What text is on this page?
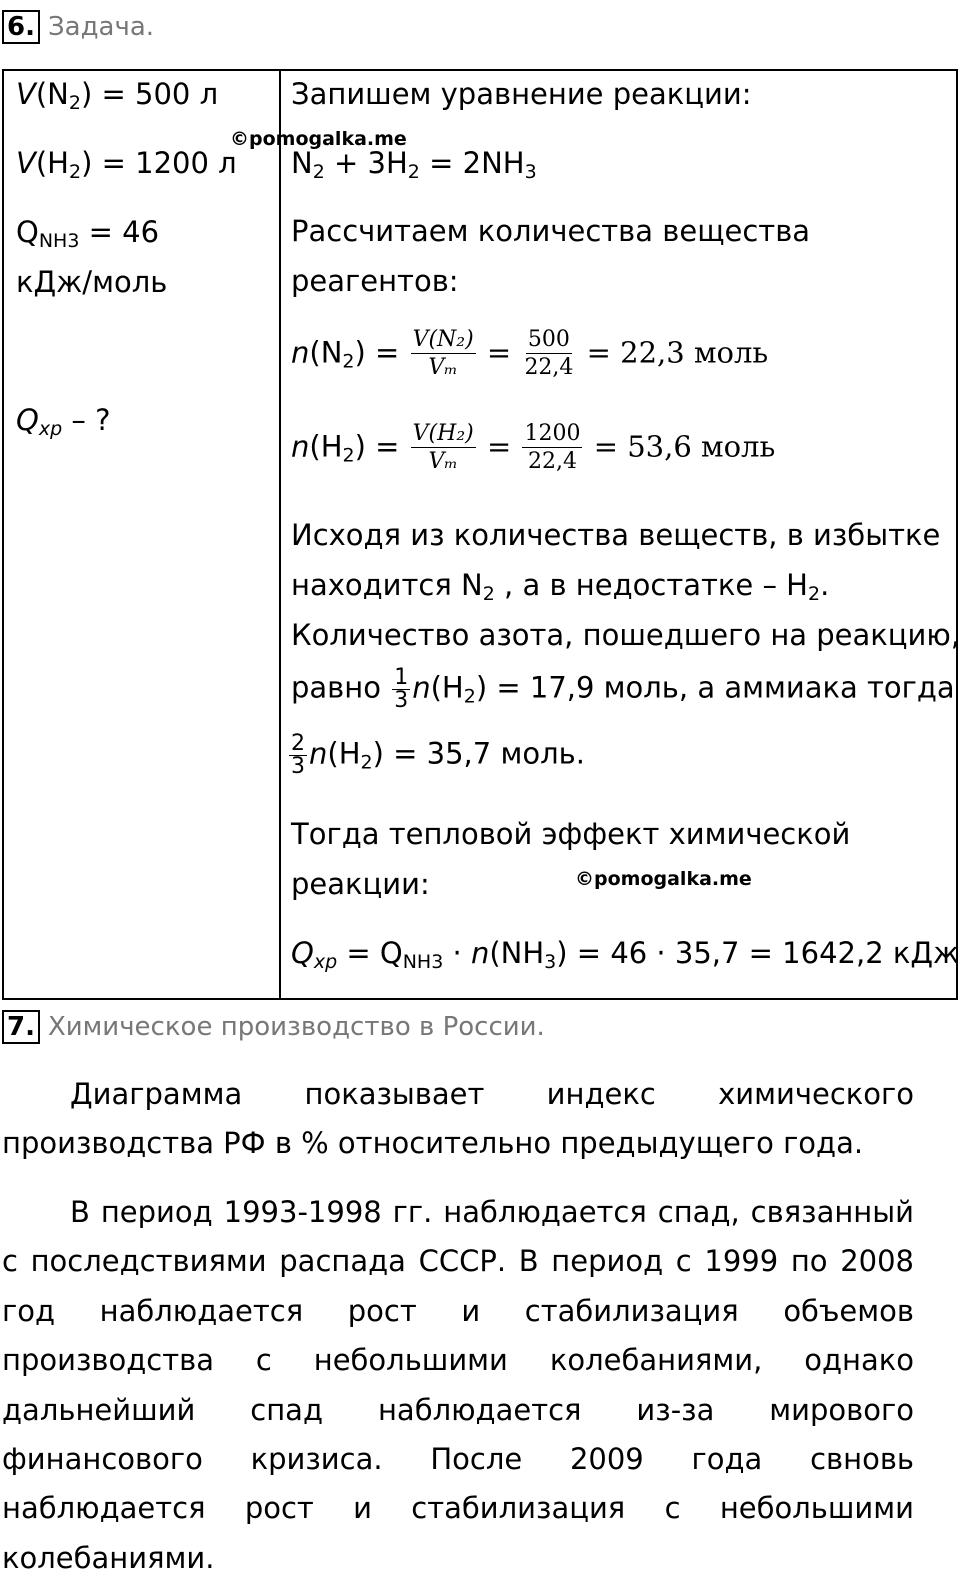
6. Задача.
$V(N_2) = 500$ л
$V(H_2) = 1200$ л
$Q_{NH3} = 46$
кДж/моль
$Q_{хр}$ – ?

Запишем уравнение реакции:
$N_2 + 3H_2 = 2NH_3$
Рассчитаем количества вещества
реагентов:
$n(N_2) = \frac{\text{V(N₂)}}{\text{Vₘ}} = \frac{500}{22,4} = 22,3$ моль
$n(H_2) = \frac{\text{V(H₂)}}{\text{Vₘ}} = \frac{1200}{22,4} = 53,6$ моль
Исходя из количества веществ, в избытке
находится $N_2$ , а в недостатке – $H_2$.
Количество азота, пошедшего на реакцию,
равно $\frac{1}{3} n(H_2) = 17,9$ моль, а аммиака тогда
$\frac{2}{3} n(H_2) = 35,7$ моль.
Тогда тепловой эффект химической
реакции:
$Q_{хр} = Q_{NH3} \cdot n(NH_3) = 46 \cdot 35,7 = 1642,2$ кДж
©pomogalka.me
©pomogalka.me
7. Химическое производство в России.

Диаграмма показывает индекс химического производства РФ в % относительно предыдущего года.

В период 1993-1998 гг. наблюдается спад, связанный с последствиями распада СССР. В период с 1999 по 2008 год наблюдается рост и стабилизация объемов производства с небольшими колебаниями, однако дальнейший спад наблюдается из-за мирового финансового кризиса. После 2009 года свновь наблюдается рост и стабилизация с небольшими колебаниями.
